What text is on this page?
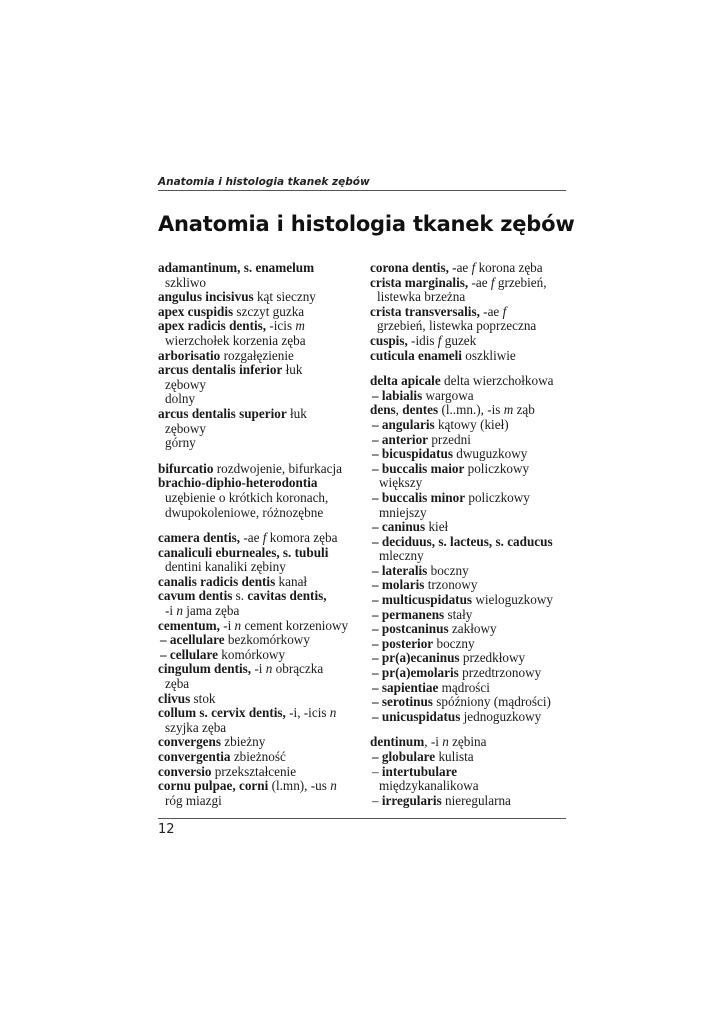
Anatomia i histologia tkanek zębów
Anatomia i histologia tkanek zębów
adamantinum, s. enamelum
szkliwo
angulus incisivus kąt sieczny
apex cuspidis szczyt guzka
apex radicis dentis, -icis m
wierzchołek korzenia zęba
arborisatio rozgałęzienie
arcus dentalis inferior łuk
zębowy
dolny
arcus dentalis superior łuk
zębowy
górny
bifurcatio rozdwojenie, bifurkacja
brachio-diphio-heterodontia
uzębienie o krótkich koronach,
dwupokoleniowe, różnozębne
camera dentis, -ae f komora zęba
canaliculi eburneales, s. tubuli
dentini kanaliki zębiny
canalis radicis dentis kanał
cavum dentis s. cavitas dentis,
-i n jama zęba
cementum, -i n cement korzeniowy
– acellulare bezkomórkowy
– cellulare komórkowy
cingulum dentis, -i n obrączka
zęba
clivus stok
collum s. cervix dentis, -i, -icis n
szyjka zęba
convergens zbieżny
convergentia zbieżność
conversio przekształcenie
cornu pulpae, corni (l.mn), -us n
róg miazgi
corona dentis, -ae f korona zęba
crista marginalis, -ae f grzebień,
listewka brzeżna
crista transversalis, -ae f
grzebień, listewka poprzeczna
cuspis, -idis f guzek
cuticula enameli oszkliwie
delta apicale delta wierzchołkowa
– labialis wargowa
dens, dentes (l..mn.), -is m ząb
– angularis kątowy (kieł)
– anterior przedni
– bicuspidatus dwuguzkowy
– buccalis maior policzkowy
większy
– buccalis minor policzkowy
mniejszy
– caninus kieł
– deciduus, s. lacteus, s. caducus
mleczny
– lateralis boczny
– molaris trzonowy
– multicuspidatus wieloguzkowy
– permanens stały
– postcaninus zakłowy
– posterior boczny
– pr(a)ecaninus przedkłowy
– pr(a)emolaris przedtrzonowy
– sapientiae mądrości
– serotinus spóźniony (mądrości)
– unicuspidatus jednoguzkowy
dentinum, -i n zębina
– globulare kulista
– intertubulare
międzykanalikowa
– irregularis nieregularna
12
